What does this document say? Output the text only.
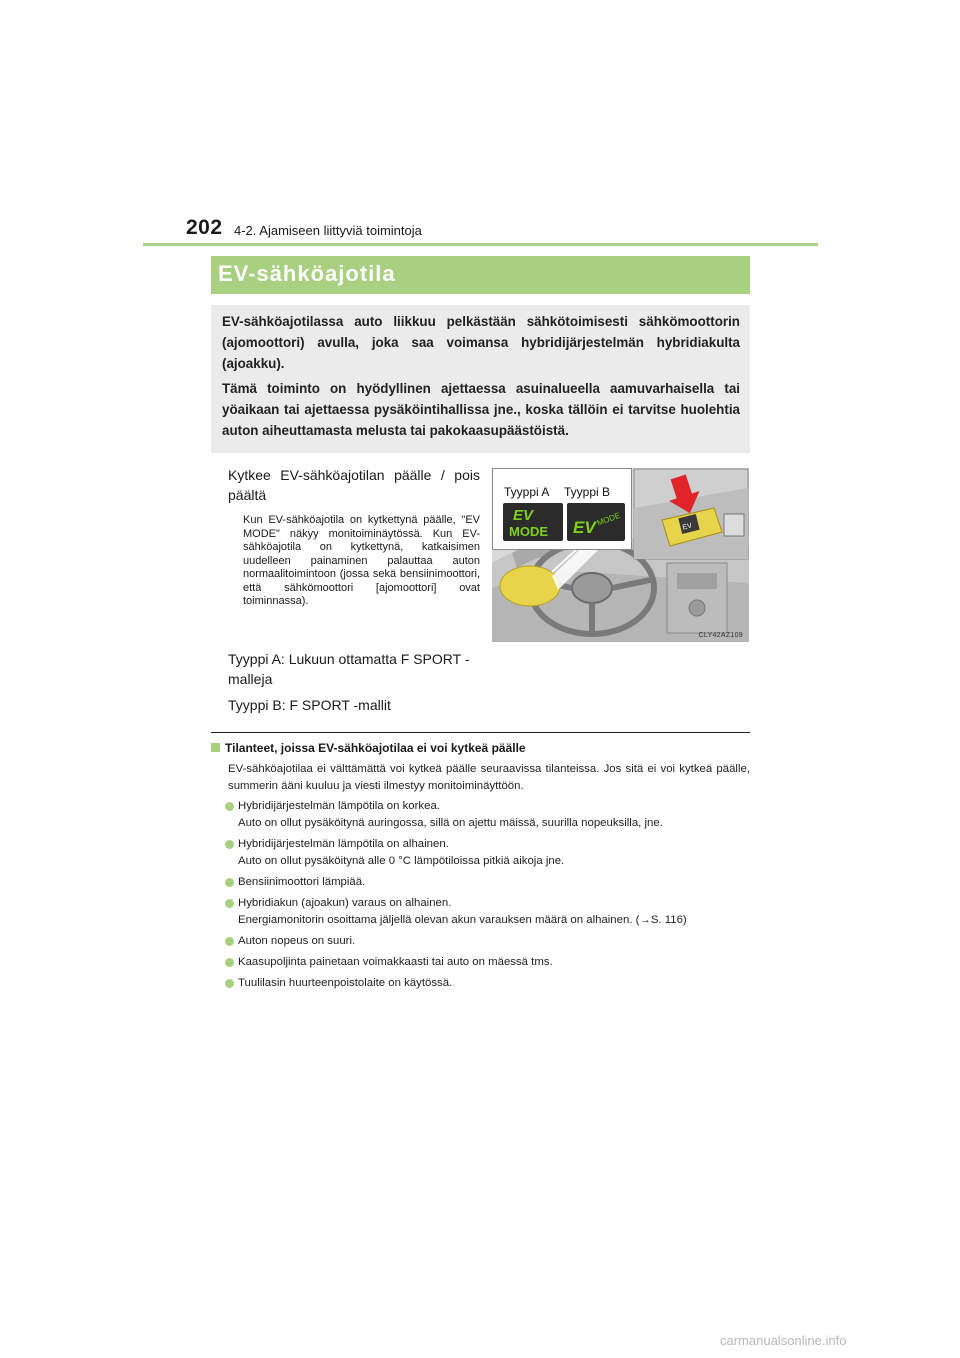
202 4-2. Ajamiseen liittyviä toimintoja
EV-sähköajotila

EV-sähköajotilassa auto liikkuu pelkästään sähkötoimisesti sähkömoottorin (ajomoottori) avulla, joka saa voimansa hybridijärjestelmän hybridiakulta (ajoakku).

Tämä toiminto on hyödyllinen ajettaessa asuinalueella aamuvarhaisella tai yöaikaan tai ajettaessa pysäköintihallissa jne., koska tällöin ei tarvitse huolehtia auton aiheuttamasta melusta tai pakokaasupäästöistä.

Kytkee EV-sähköajotilan päälle / pois päältä
Kun EV-sähköajotila on kytkettynä päälle, "EV MODE" näkyy monitoiminäytössä. Kun EV-sähköajotila on kytkettynä, katkaisimen uudelleen painaminen palauttaa auton normaalitoimintoon (jossa sekä bensiinimoottori, että sähkömoottori [ajomoottori] ovat toiminnassa).
Tyyppi A: Lukuun ottamatta F SPORT -malleja
Tyyppi B: F SPORT -mallit
EV
Tyyppi A Tyyppi B
EV
MODE EV MODE
CLY42AZ109
Tilanteet, joissa EV-sähköajotilaa ei voi kytkeä päälle
EV-sähköajotilaa ei välttämättä voi kytkeä päälle seuraavissa tilanteissa. Jos sitä ei voi kytkeä päälle, summerin ääni kuuluu ja viesti ilmestyy monitoiminäyttöön.
Hybridijärjestelmän lämpötila on korkea.
Auto on ollut pysäköitynä auringossa, sillä on ajettu mäissä, suurilla nopeuksilla, jne.
Hybridijärjestelmän lämpötila on alhainen.
Auto on ollut pysäköitynä alle 0 °C lämpötiloissa pitkiä aikoja jne.
Bensiinimoottori lämpiää.
Hybridiakun (ajoakun) varaus on alhainen.
Energiamonitorin osoittama jäljellä olevan akun varauksen määrä on alhainen. (→S. 116)
Auton nopeus on suuri.
Kaasupoljinta painetaan voimakkaasti tai auto on mäessä tms.
Tuulilasin huurteenpoistolaite on käytössä.
carmanualsonline.info
